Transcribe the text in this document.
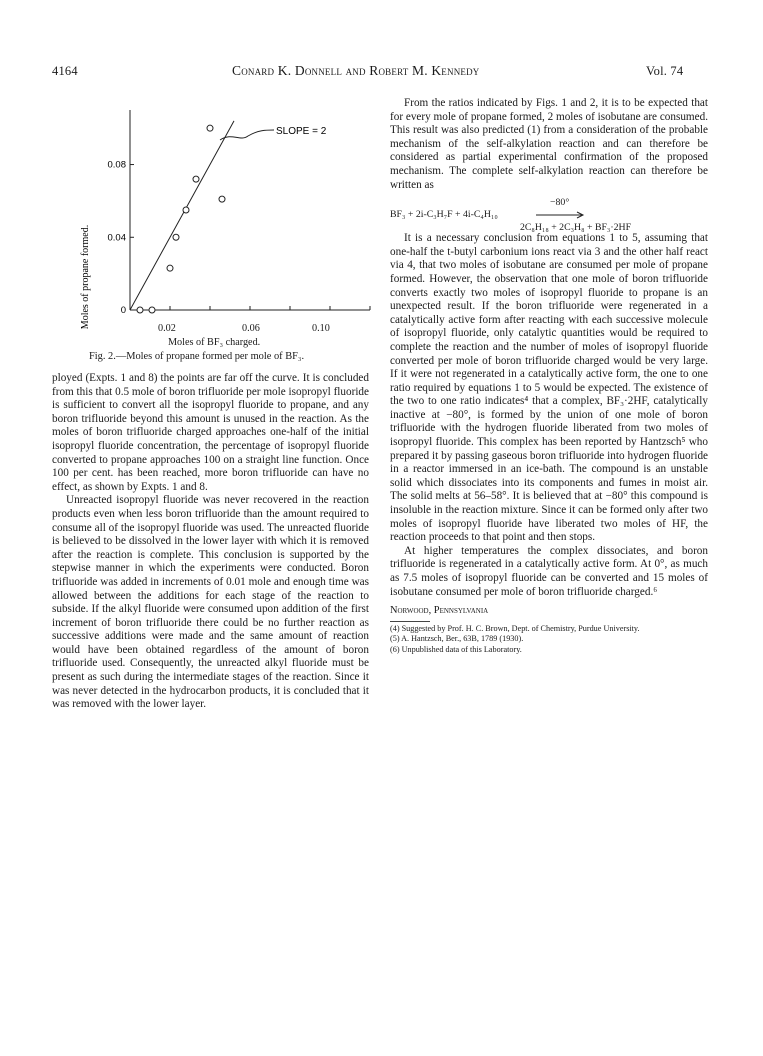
4164	Conard K. Donnell and Robert M. Kennedy	Vol. 74
0
0.04
0.08
Moles of propane formed.
SLOPE = 2
0.02	0.06	0.10
Moles of BF₃ charged.
Fig. 2.—Moles of propane formed per mole of BF₃.

ployed (Expts. 1 and 8) the points are far off the curve. It is concluded from this that 0.5 mole of boron trifluoride per mole isopropyl fluoride is sufficient to convert all the isopropyl fluoride to propane, and any boron trifluoride beyond this amount is unused in the reaction. As the moles of boron trifluoride charged approaches one-half of the initial isopropyl fluoride concentration, the percentage of isopropyl fluoride converted to propane approaches 100 on a straight line function. Once 100 per cent. has been reached, more boron trifluoride can have no effect, as shown by Expts. 1 and 8.

Unreacted isopropyl fluoride was never recovered in the reaction products even when less boron trifluoride than the amount required to consume all of the isopropyl fluoride was used. The unreacted fluoride is believed to be dissolved in the lower layer with which it is removed after the reaction is complete. This conclusion is supported by the stepwise manner in which the experiments were conducted. Boron trifluoride was added in increments of 0.01 mole and enough time was allowed between the additions for each stage of the reaction to subside. If the alkyl fluoride were consumed upon addition of the first increment of boron trifluoride there could be no further reaction as successive additions were made and the same amount of reaction would have been obtained regardless of the amount of boron trifluoride used. Consequently, the unreacted alkyl fluoride must be present as such during the intermediate stages of the reaction. Since it was never detected in the hydrocarbon products, it is concluded that it was removed with the lower layer.

From the ratios indicated by Figs. 1 and 2, it is to be expected that for every mole of propane formed, 2 moles of isobutane are consumed. This result was also predicted (1) from a consideration of the probable mechanism of the self-alkylation reaction and can therefore be considered as partial experimental confirmation of the proposed mechanism. The complete self-alkylation reaction can therefore be written as

−80°
BF₃ + 2i-C₃H₇F + 4i-C₄H₁₀
2C₈H₁₈ + 2C₃H₈ + BF₃·2HF

It is a necessary conclusion from equations 1 to 5, assuming that one-half the t-butyl carbonium ions react via 3 and the other half react via 4, that two moles of isobutane are consumed per mole of propane formed. However, the observation that one mole of boron trifluoride converts exactly two moles of isopropyl fluoride to propane is an unexpected result. If the boron trifluoride were regenerated in a catalytically active form after reacting with each successive molecule of isopropyl fluoride, only catalytic quantities would be required to complete the reaction and the number of moles of isopropyl fluoride converted per mole of boron trifluoride charged would be very large. If it were not regenerated in a catalytically active form, the one to one ratio required by equations 1 to 5 would be expected. The existence of the two to one ratio indicates⁴ that a complex, BF₃·2HF, catalytically inactive at −80°, is formed by the union of one mole of boron trifluoride with the hydrogen fluoride liberated from two moles of isopropyl fluoride. This complex has been reported by Hantzsch⁵ who prepared it by passing gaseous boron trifluoride into hydrogen fluoride in a reactor immersed in an ice-bath. The compound is an unstable solid which dissociates into its components and fumes in moist air. The solid melts at 56–58°. It is believed that at −80° this compound is insoluble in the reaction mixture. Since it can be formed only after two moles of isopropyl fluoride have liberated two moles of HF, the reaction proceeds to that point and then stops.

At higher temperatures the complex dissociates, and boron trifluoride is regenerated in a catalytically active form. At 0°, as much as 7.5 moles of isopropyl fluoride can be converted and 15 moles of isobutane consumed per mole of boron trifluoride charged.⁶

Norwood, Pennsylvania

(4) Suggested by Prof. H. C. Brown, Dept. of Chemistry, Purdue University.

(5) A. Hantzsch, Ber., 63B, 1789 (1930).

(6) Unpublished data of this Laboratory.
